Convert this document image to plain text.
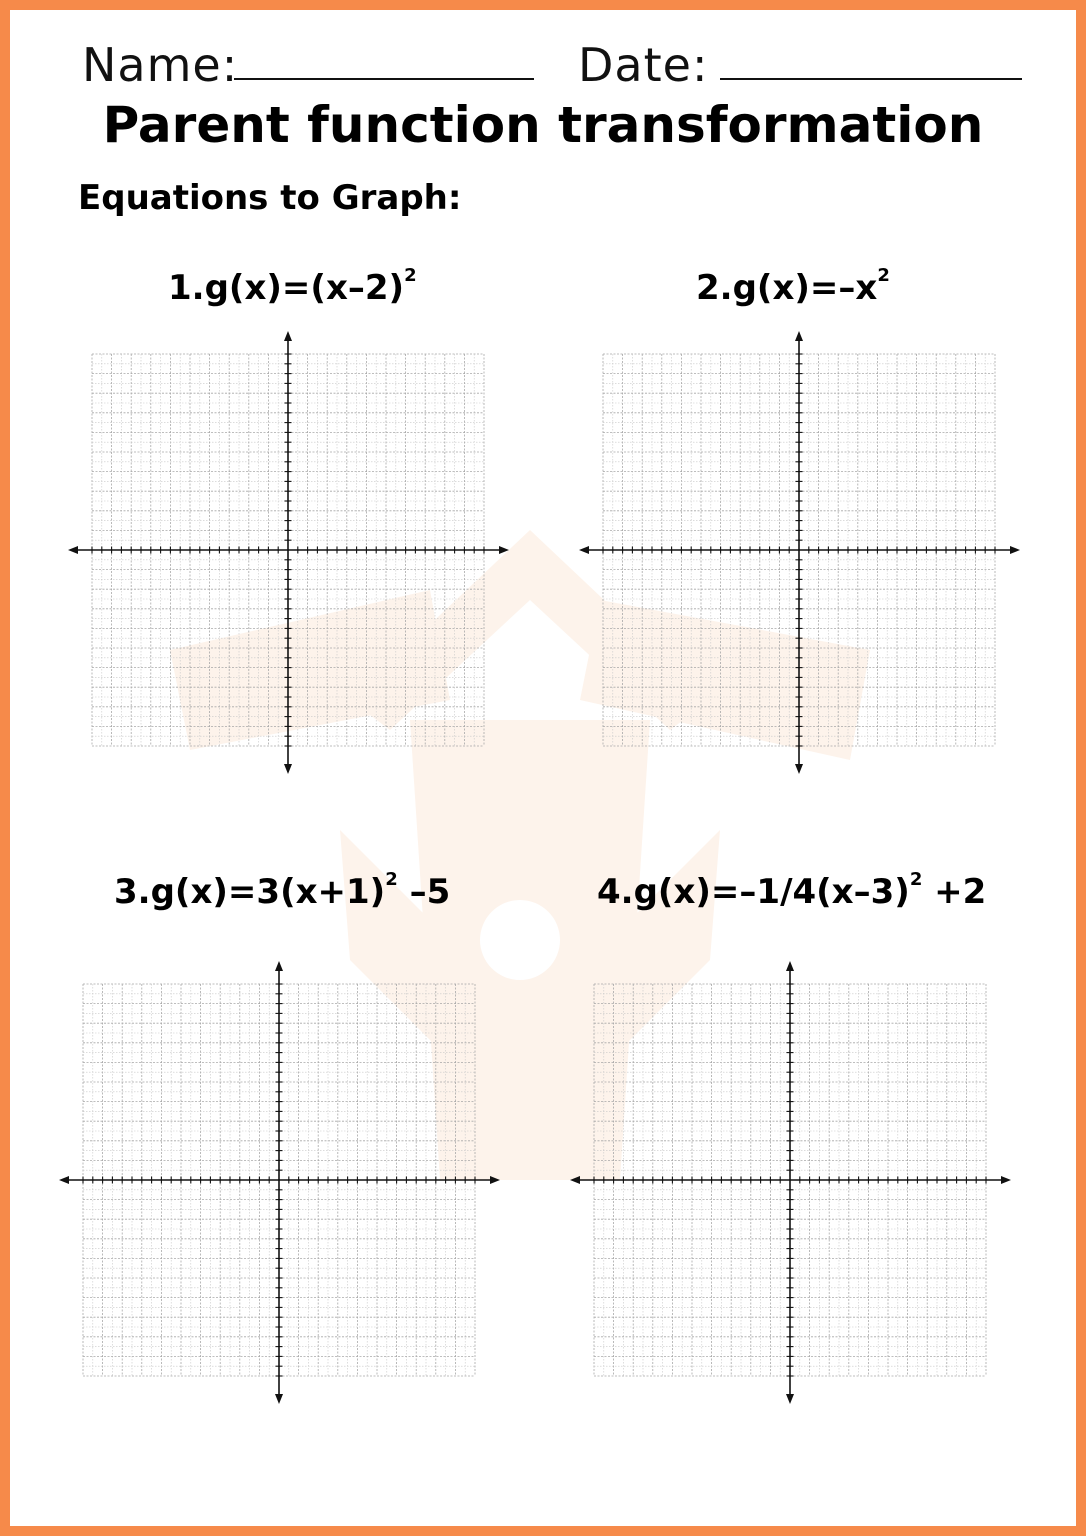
Name:	Date:
Parent function transformation
Equations to Graph:
$1.g(x)=(x-2)^2$	$2.g(x)=-x^2$
$3.g(x)=3(x+1)^2$ –5	$4.g(x)=-1/4(x-3)^2 +2$
